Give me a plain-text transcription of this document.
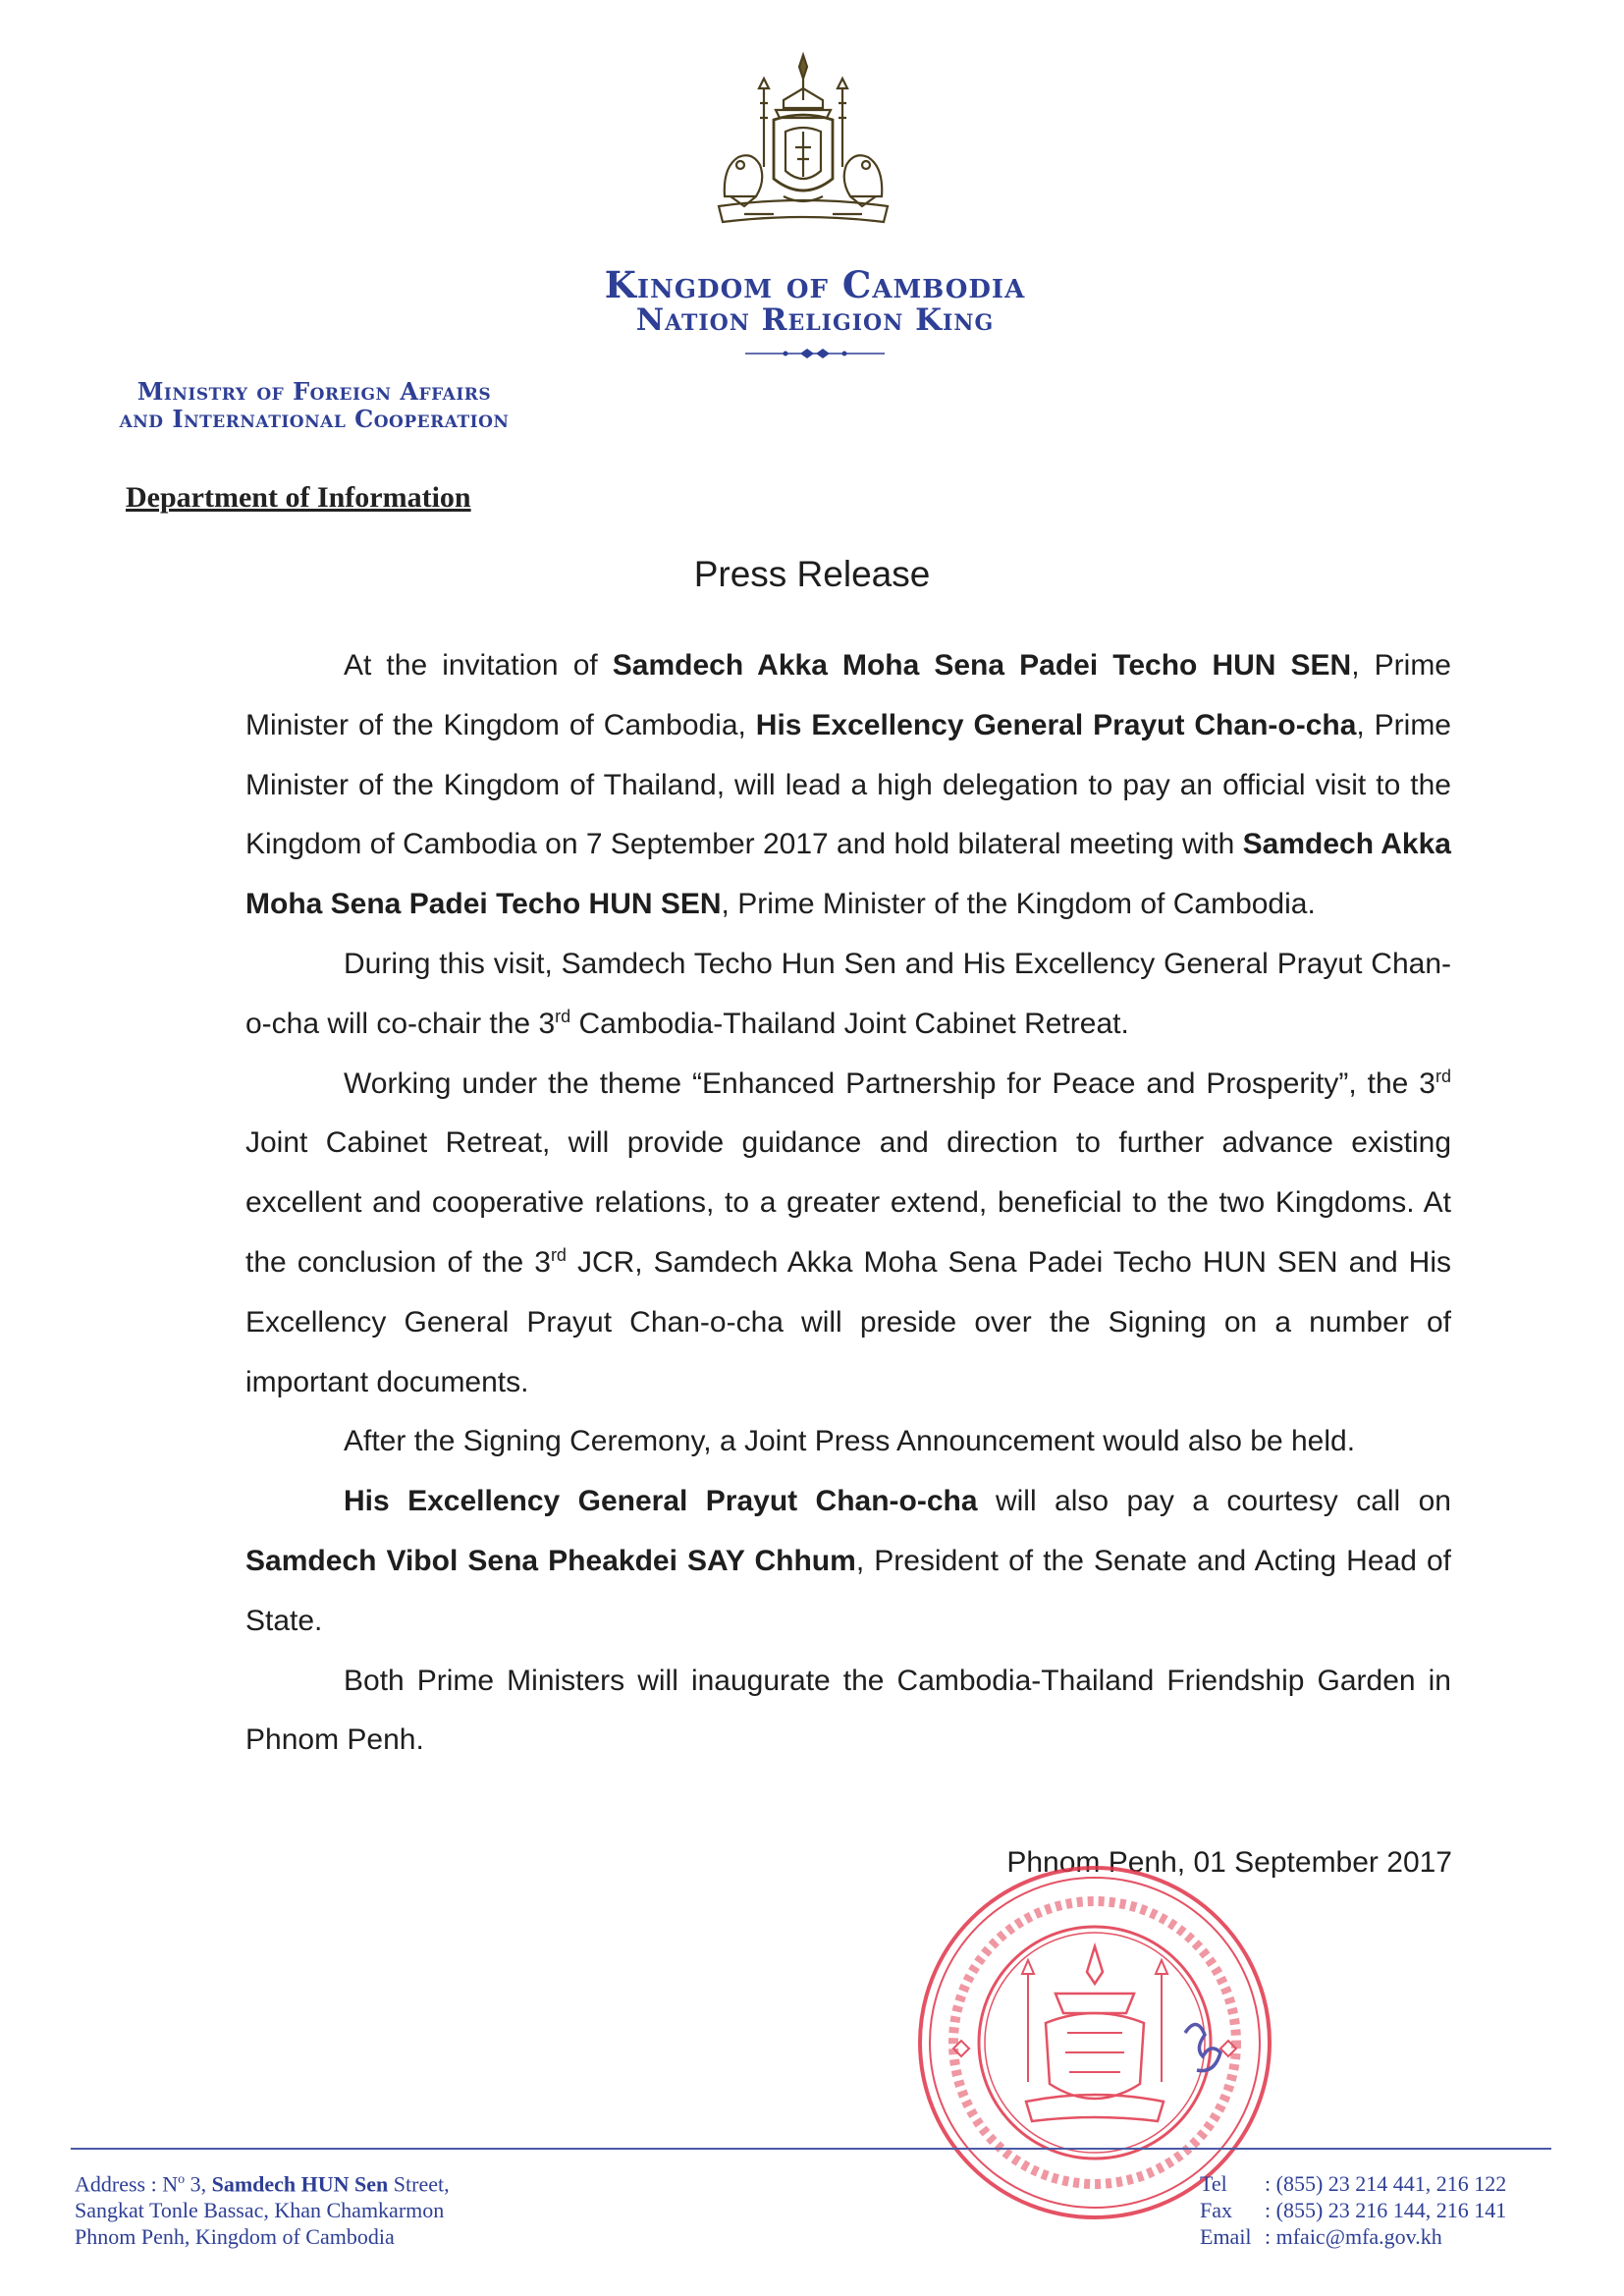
Kingdom of Cambodia
Nation Religion King
Ministry of Foreign Affairs
and International Cooperation
Department of Information
Press Release

At the invitation of Samdech Akka Moha Sena Padei Techo HUN SEN, Prime Minister of the Kingdom of Cambodia, His Excellency General Prayut Chan-o-cha, Prime Minister of the Kingdom of Thailand, will lead a high delegation to pay an official visit to the Kingdom of Cambodia on 7 September 2017 and hold bilateral meeting with Samdech Akka Moha Sena Padei Techo HUN SEN, Prime Minister of the Kingdom of Cambodia.

During this visit, Samdech Techo Hun Sen and His Excellency General Prayut Chan-o-cha will co-chair the 3rd Cambodia-Thailand Joint Cabinet Retreat.

Working under the theme “Enhanced Partnership for Peace and Prosperity”, the 3rd Joint Cabinet Retreat, will provide guidance and direction to further advance existing excellent and cooperative relations, to a greater extend, beneficial to the two Kingdoms. At the conclusion of the 3rd JCR, Samdech Akka Moha Sena Padei Techo HUN SEN and His Excellency General Prayut Chan-o-cha will preside over the Signing on a number of important documents.

After the Signing Ceremony, a Joint Press Announcement would also be held.

His Excellency General Prayut Chan-o-cha will also pay a courtesy call on Samdech Vibol Sena Pheakdei SAY Chhum, President of the Senate and Acting Head of State.

Both Prime Ministers will inaugurate the Cambodia-Thailand Friendship Garden in Phnom Penh.

Phnom Penh, 01 September 2017
Address : $N^o$ 3, Samdech HUN Sen Street,
Sangkat Tonle Bassac, Khan Chamkarmon
Phnom Penh, Kingdom of Cambodia
Tel : (855) 23 214 441, 216 122
Fax : (855) 23 216 144, 216 141
Email : mfaic@mfa.gov.kh
